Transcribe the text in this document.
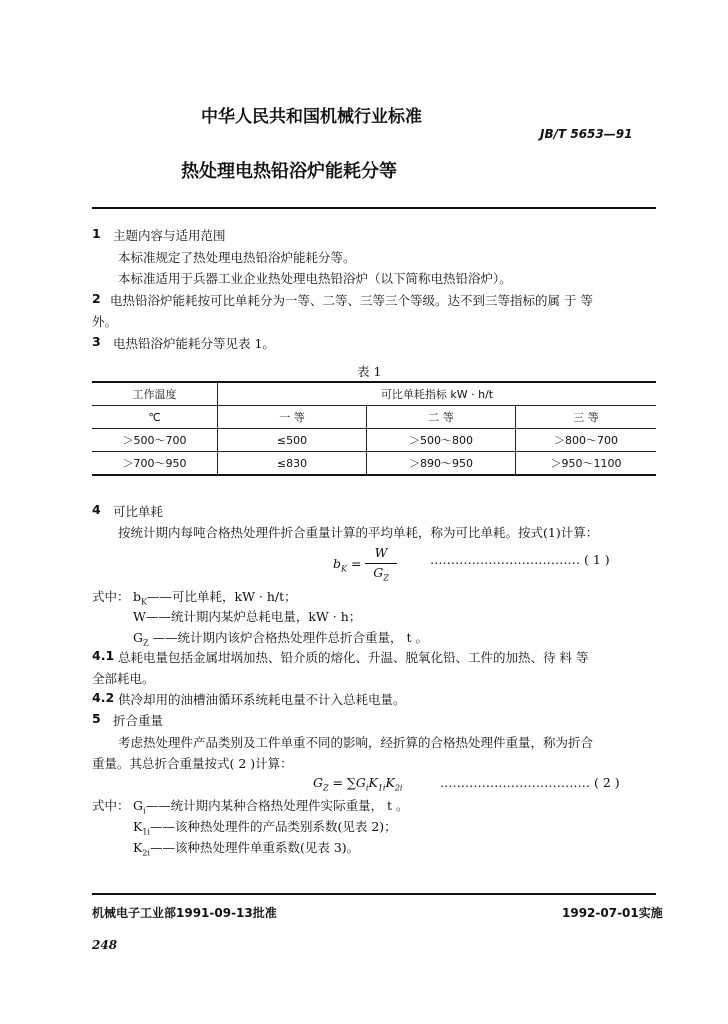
中华人民共和国机械行业标准
JB/T 5653—91
热处理电热铅浴炉能耗分等
1 主题内容与适用范围
本标准规定了热处理电热铅浴炉能耗分等。
本标准适用于兵器工业企业热处理电热铅浴炉（以下简称电热铅浴炉）。
2 电热铅浴炉能耗按可比单耗分为一等、二等、三等三个等级。达不到三等指标的属 于 等
外。
3 电热铅浴炉能耗分等见表 1。
表 1
工作温度	可比单耗指标 kW · h/t		
℃	一 等	二 等	三 等
＞500～700	≤500	＞500～800	＞800～700
＞700～950	≤830	＞890～950	＞950～1100
4 可比单耗
按统计期内每吨合格热处理件折合重量计算的平均单耗，称为可比单耗。按式(1)计算：
$b_K$ =
W
$G_Z$
……………………………… ( 1 )
式中： $b_K——$可比单耗，kW · h/t；
W——统计期内某炉总耗电量，kW · h；
$G_Z$ ——统计期内该炉合格热处理件总折合重量， t 。
4.1 总耗电量包括金属坩埚加热、铅介质的熔化、升温、脱氧化铅、工件的加热、待 料 等
全部耗电。
4.2 供冷却用的油槽油循环系统耗电量不计入总耗电量。
5 折合重量
考虑热处理件产品类别及工件单重不同的影响，经折算的合格热处理件重量，称为折合
重量。其总折合重量按式( 2 )计算：
$G_Z = \sum G_iK_{1i}K_{2i}$	……………………………… ( 2 )
式中： $G_i——$统计期内某种合格热处理件实际重量， t 。
$K_{1i}——$该种热处理件的产品类别系数(见表 2)；
$K_{2i}——$该种热处理件单重系数(见表 3)。
机械电子工业部1991-09-13批准	1992-07-01实施
248
